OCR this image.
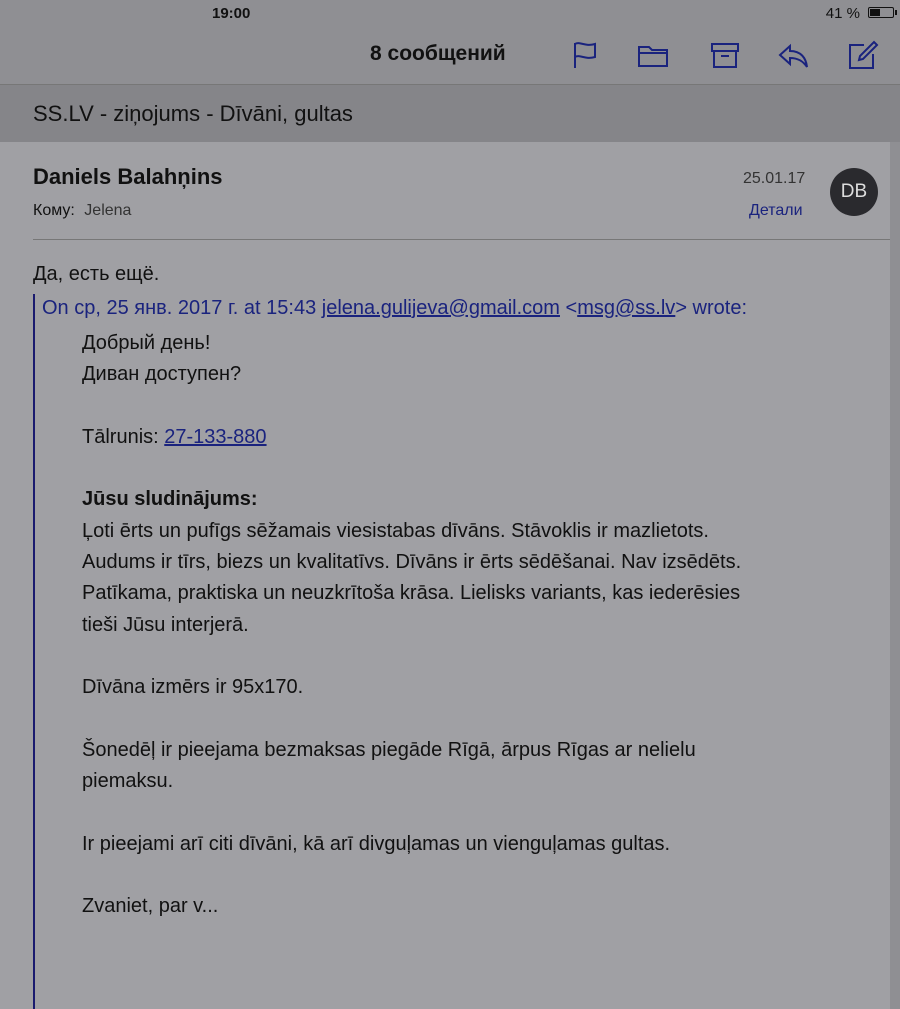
19:00	41 %
8 сообщений
SS.LV - ziņojums - Dīvāni, gultas
Daniels Balahņins
Кому: Jelena
25.01.17
Детали
DB
Да, есть ещё.
On ср, 25 янв. 2017 г. at 15:43 jelena.gulijeva@gmail.com <msg@ss.lv> wrote:

Добрый день!

Диван доступен?

Tālrunis: 27-133-880

Jūsu sludinājums:

Ļoti ērts un pufīgs sēžamais viesistabas dīvāns. Stāvoklis ir mazlietots.

Audums ir tīrs, biezs un kvalitatīvs. Dīvāns ir ērts sēdēšanai. Nav izsēdēts.

Patīkama, praktiska un neuzkrītoša krāsa. Lielisks variants, kas iederēsies

tieši Jūsu interjerā.

Dīvāna izmērs ir 95x170.

Šonedēļ ir pieejama bezmaksas piegāde Rīgā, ārpus Rīgas ar nelielu

piemaksu.

Ir pieejami arī citi dīvāni, kā arī divguļamas un vienguļamas gultas.

Zvaniet, par v...
